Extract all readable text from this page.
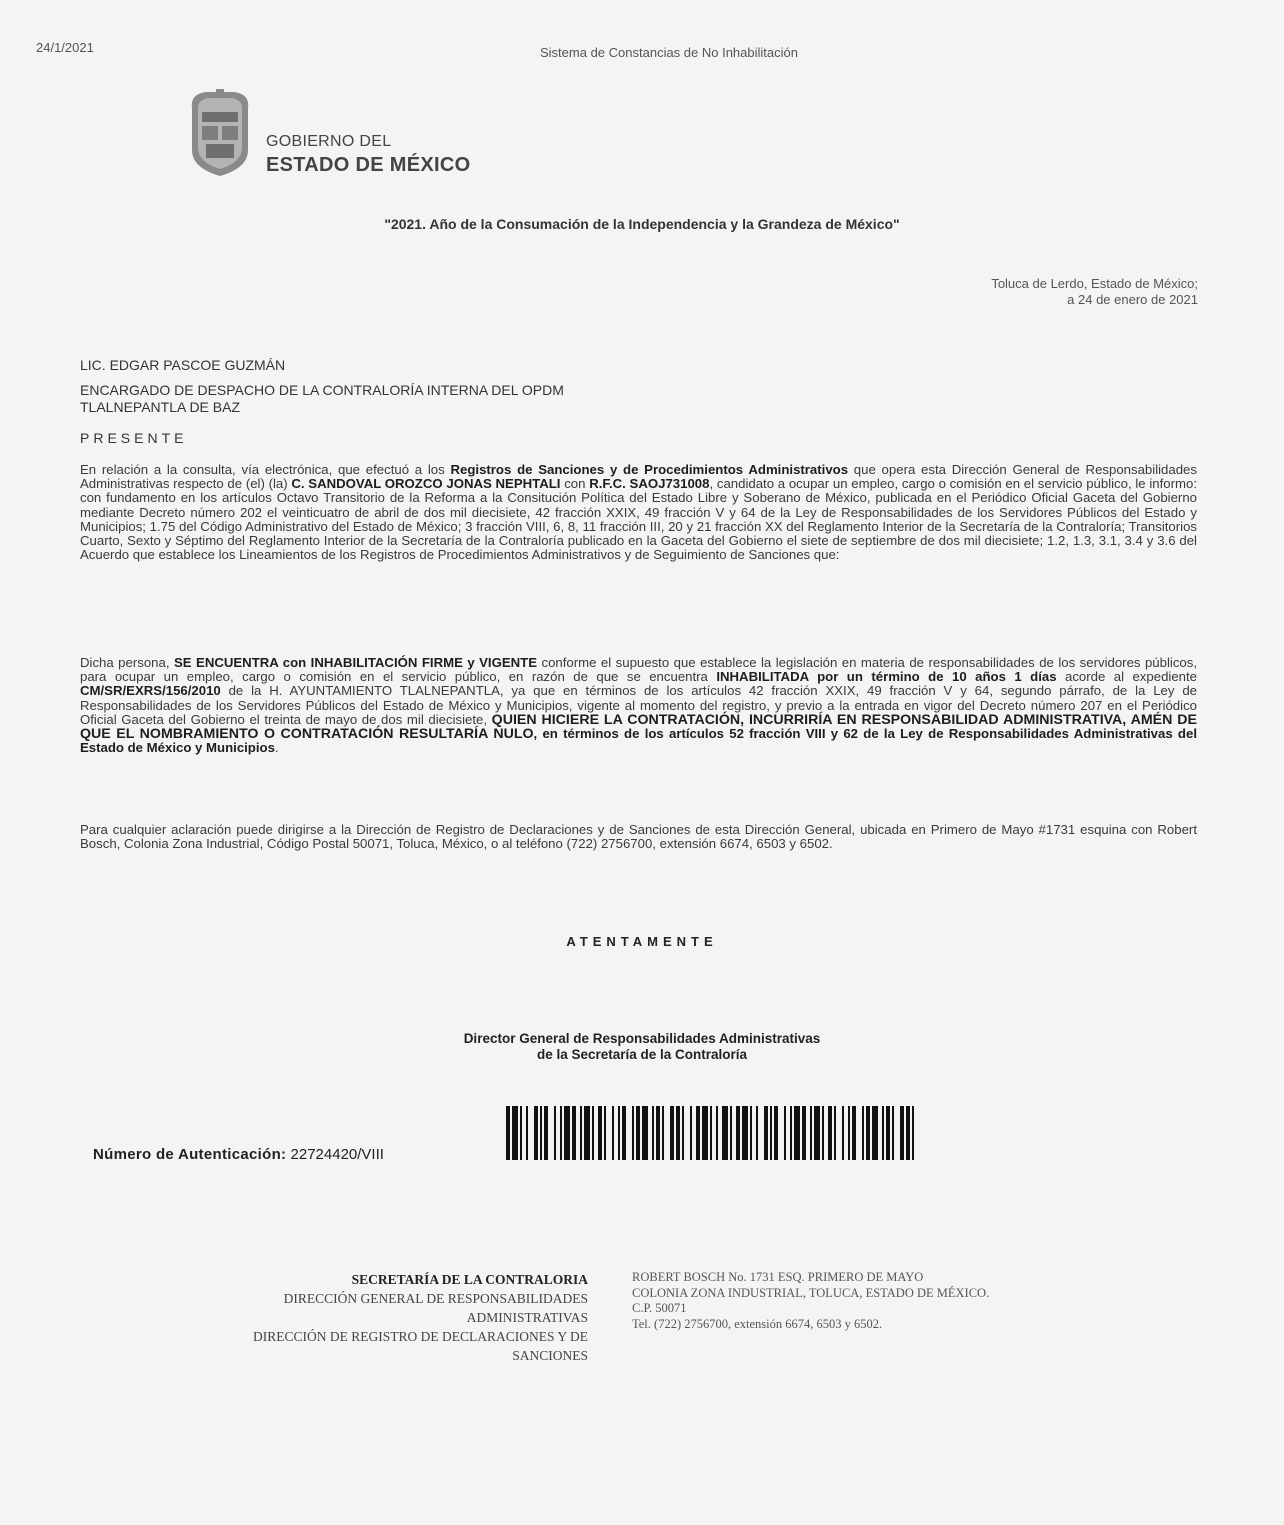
24/1/2021	Sistema de Constancias de No Inhabilitación
GOBIERNO DEL
ESTADO DE MÉXICO
"2021. Año de la Consumación de la Independencia y la Grandeza de México"
Toluca de Lerdo, Estado de México;
a 24 de enero de 2021
LIC. EDGAR PASCOE GUZMÁN
ENCARGADO DE DESPACHO DE LA CONTRALORÍA INTERNA DEL OPDM
TLALNEPANTLA DE BAZ
PRESENTE
En relación a la consulta, vía electrónica, que efectuó a los Registros de Sanciones y de Procedimientos Administrativos que opera esta Dirección General de Responsabilidades Administrativas respecto de (el) (la) C. SANDOVAL OROZCO JONAS NEPHTALI con R.F.C. SAOJ731008, candidato a ocupar un empleo, cargo o comisión en el servicio público, le informo: con fundamento en los artículos Octavo Transitorio de la Reforma a la Consitución Política del Estado Libre y Soberano de México, publicada en el Periódico Oficial Gaceta del Gobierno mediante Decreto número 202 el veinticuatro de abril de dos mil diecisiete, 42 fracción XXIX, 49 fracción V y 64 de la Ley de Responsabilidades de los Servidores Públicos del Estado y Municipios; 1.75 del Código Administrativo del Estado de México; 3 fracción VIII, 6, 8, 11 fracción III, 20 y 21 fracción XX del Reglamento Interior de la Secretaría de la Contraloría; Transitorios Cuarto, Sexto y Séptimo del Reglamento Interior de la Secretaría de la Contraloría publicado en la Gaceta del Gobierno el siete de septiembre de dos mil diecisiete; 1.2, 1.3, 3.1, 3.4 y 3.6 del Acuerdo que establece los Lineamientos de los Registros de Procedimientos Administrativos y de Seguimiento de Sanciones que:
Dicha persona, SE ENCUENTRA con INHABILITACIÓN FIRME y VIGENTE conforme el supuesto que establece la legislación en materia de responsabilidades de los servidores públicos, para ocupar un empleo, cargo o comisión en el servicio público, en razón de que se encuentra INHABILITADA por un término de 10 años 1 días acorde al expediente CM/SR/EXRS/156/2010 de la H. AYUNTAMIENTO TLALNEPANTLA, ya que en términos de los artículos 42 fracción XXIX, 49 fracción V y 64, segundo párrafo, de la Ley de Responsabilidades de los Servidores Públicos del Estado de México y Municipios, vigente al momento del registro, y previo a la entrada en vigor del Decreto número 207 en el Periódico Oficial Gaceta del Gobierno el treinta de mayo de dos mil diecisiete, QUIEN HICIERE LA CONTRATACIÓN, INCURRIRÍA EN RESPONSABILIDAD ADMINISTRATIVA, AMÉN DE QUE EL NOMBRAMIENTO O CONTRATACIÓN RESULTARÍA NULO, en términos de los artículos 52 fracción VIII y 62 de la Ley de Responsabilidades Administrativas del Estado de México y Municipios.
Para cualquier aclaración puede dirigirse a la Dirección de Registro de Declaraciones y de Sanciones de esta Dirección General, ubicada en Primero de Mayo #1731 esquina con Robert Bosch, Colonia Zona Industrial, Código Postal 50071, Toluca, México, o al teléfono (722) 2756700, extensión 6674, 6503 y 6502.
ATENTAMENTE
Director General de Responsabilidades Administrativas
de la Secretaría de la Contraloría
Número de Autenticación: 22724420/VIII
SECRETARÍA DE LA CONTRALORIA
DIRECCIÓN GENERAL DE RESPONSABILIDADES
ADMINISTRATIVAS
DIRECCIÓN DE REGISTRO DE DECLARACIONES Y DE
SANCIONES
ROBERT BOSCH No. 1731 ESQ. PRIMERO DE MAYO
COLONIA ZONA INDUSTRIAL, TOLUCA, ESTADO DE MÉXICO.
C.P. 50071
Tel. (722) 2756700, extensión 6674, 6503 y 6502.
